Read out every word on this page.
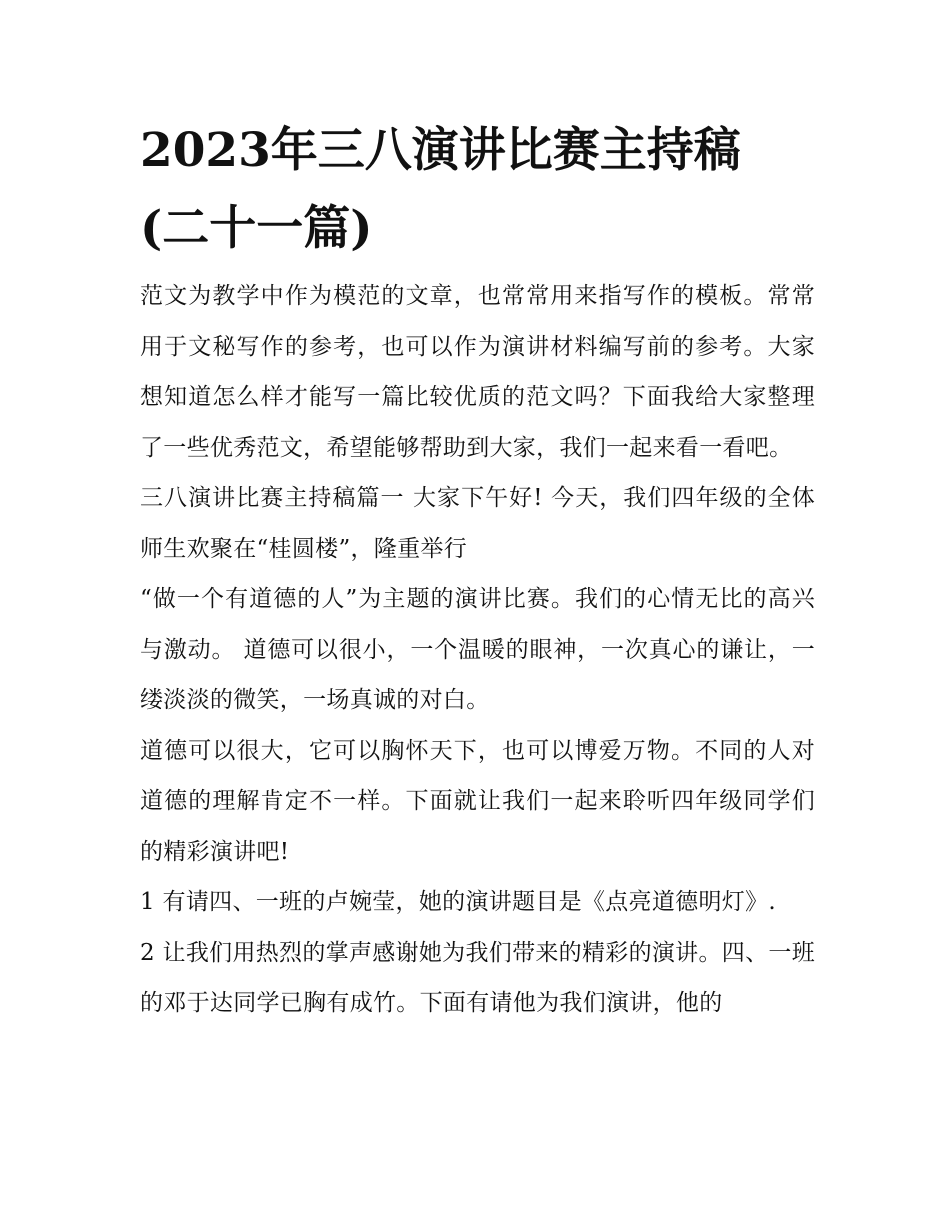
2023年三八演讲比赛主持稿
(二十一篇)

范文为教学中作为模范的文章，也常常用来指写作的模板。常常用于文秘写作的参考，也可以作为演讲材料编写前的参考。大家想知道怎么样才能写一篇比较优质的范文吗？下面我给大家整理了一些优秀范文，希望能够帮助到大家，我们一起来看一看吧。

三八演讲比赛主持稿篇一 大家下午好! 今天，我们四年级的全体师生欢聚在“桂圆楼”，隆重举行

“做一个有道德的人”为主题的演讲比赛。我们的心情无比的高兴与激动。 道德可以很小，一个温暖的眼神，一次真心的谦让，一缕淡淡的微笑，一场真诚的对白。

道德可以很大，它可以胸怀天下，也可以博爱万物。不同的人对道德的理解肯定不一样。下面就让我们一起来聆听四年级同学们的精彩演讲吧!

1 有请四、一班的卢婉莹，她的演讲题目是《点亮道德明灯》.

2 让我们用热烈的掌声感谢她为我们带来的精彩的演讲。四、一班的邓于达同学已胸有成竹。下面有请他为我们演讲，他的
